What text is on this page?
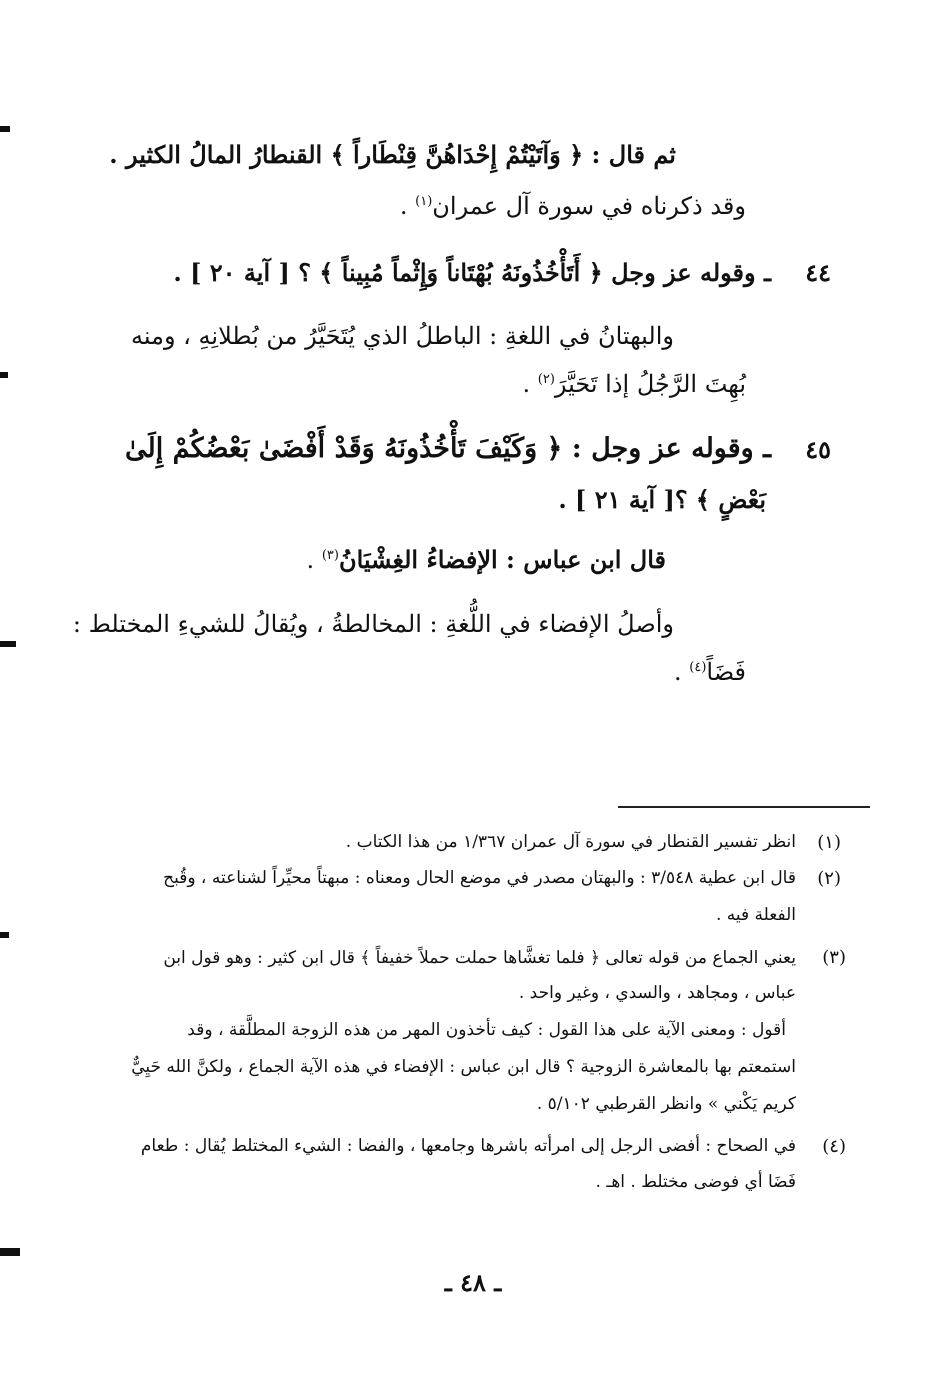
ثم قال : ﴿ وَآتَيْتُمْ إِحْدَاهُنَّ قِنْطَاراً ﴾ القنطارُ المالُ الكثير .
وقد ذكرناه في سورة آل عمران$^{(١)}$ .
٤٤
ـ وقوله عز وجل ﴿ أَتَأْخُذُونَهُ بُهْتَاناً وَإِثْماً مُبِيناً ﴾ ؟ [ آية ٢٠ ] .
والبهتانُ في اللغةِ : الباطلُ الذي يُتَحَيَّرُ من بُطلانِهِ ، ومنه
بُهِتَ الرَّجُلُ إذا تَحَيَّرَ$^{(٢)}$ .
٤٥
ـ وقوله عز وجل : ﴿ وَكَيْفَ تَأْخُذُونَهُ وَقَدْ أَفْضَىٰ بَعْضُكُمْ إِلَىٰ
بَعْضٍ ﴾ ؟[ آية ٢١ ] .
قال ابن عباس : الإفضاءُ الغِشْيَانُ$^{(٣)}$ .
وأصلُ الإفضاء في اللُّغةِ : المخالطةُ ، ويُقالُ للشيءِ المختلط :
فَضَاً$^{(٤)}$ .
(١)
انظر تفسير القنطار في سورة آل عمران ١/٣٦٧ من هذا الكتاب .
(٢)
قال ابن عطية ٣/٥٤٨ : والبهتان مصدر في موضع الحال ومعناه : مبهتاً محيِّراً لشناعته ، وقُبح
الفعلة فيه .
(٣)
يعني الجماع من قوله تعالى ﴿ فلما تغشَّاها حملت حملاً خفيفاً ﴾ قال ابن كثير : وهو قول ابن
عباس ، ومجاهد ، والسدي ، وغير واحد .
أقول : ومعنى الآية على هذا القول : كيف تأخذون المهر من هذه الزوجة المطلَّقة ، وقد
استمعتم بها بالمعاشرة الزوجية ؟ قال ابن عباس : الإفضاء في هذه الآية الجماع ، ولكنَّ الله حَيِيٌّ
كريم يَكْني » وانظر القرطبي ٥/١٠٢ .
(٤)
في الصحاح : أفضى الرجل إلى امرأته باشرها وجامعها ، والفضا : الشيء المختلط يُقال : طعام
فَضَا أي فوضى مختلط . اهـ .
ـ ٤٨ ـ
